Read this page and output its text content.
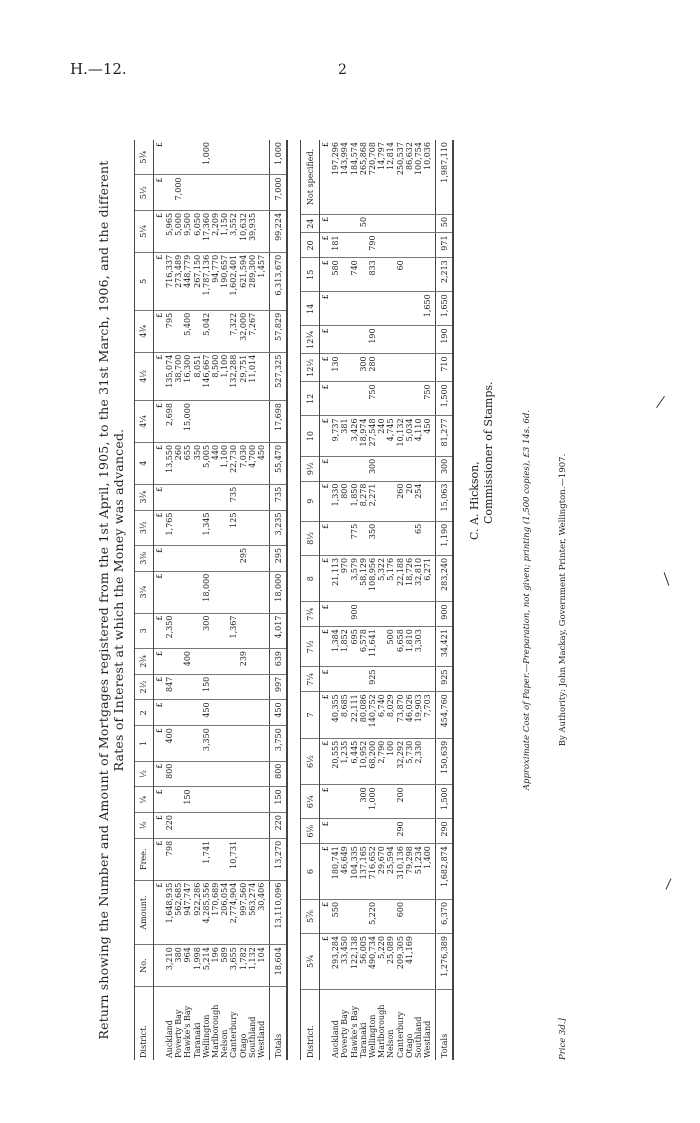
H.—12.	2
Return showing the Number and Amount of Mortgages registered from the 1st April, 1905, to the 31st March, 1906, and the different Rates of Interest at which the Money was advanced.
District.	No.	Amount.	Free.	⅛	¼	½	1	2	2½	2¾	3	3¼	3⅜	3½	3¾	4	4¼	4½	4¾	5	5¼	5½	5¾
		£	£	£	£	£	£	£	£	£	£	£	£	£	£	£	£	£	£	£	£	£	£
Auckland	3,210	1,648,935	798	220		800	400		847		2,350			1,765		13,550	2,698	135,074	795	716,337	5,965		
Poverty Bay	380	562,685														260		38,700		273,489	5,000	7,000	
Hawke's Bay	964	947,747			150					400						655	15,000	16,300	5,400	448,779	9,500		
Taranaki	1,998	922,286														350		8,051		267,150	6,050		
Wellington	5,214	4,285,556	1,741				3,350	450	150		300	18,000		1,345		5,005		146,667	5,042	1,787,136	17,360		1,000
Marlborough	196	170,689														440		8,500		94,770	2,209		
Nelson	589	206,054														1,100		1,100		190,657	1,150		
Canterbury	3,655	2,774,904	10,731								1,367			125	735	22,730		132,288	7,322	1,602,401	3,552		
Otago	1,782	997,560								239			295			7,030		29,751	32,000	621,594	10,632		
Southland	1,132	563,274														4,700		11,014	7,267	289,300	39,935		
Westland	104	30,406														450				1,457			
Totals	18,604	13,110,096	13,270	220	150	800	3,750	450	997	639	4,017	18,000	295	3,235	735	55,470	17,698	527,325	57,829	6,313,670	99,224	7,000	1,000
District.	5¾	5⅞	6	6⅛	6¼	6½	7	7¼	7½	7¾	8	8½	9	9½	10	12	12½	12¾	14	15	20	24	Not specified.
	£	£	£	£	£	£	£	£	£	£	£	£	£	£	£	£	£	£	£	£	£	£	£
Auckland	293,284	550	180,741			20,555	40,355		1,384		21,113		1,330		9,737		130			580	181		197,296
Poverty Bay	33,450		46,649			1,235	8,685		1,852		970		800		381								143,994
Hawke's Bay	122,138		104,335			6,445	22,111		695	900	3,579	775	1,850		3,426					740			184,574
Taranaki	56,005		137,165		300	10,952	80,086		6,578		58,129		8,278		18,974		300					50	265,868
Wellington	490,734	5,220	716,652		1,000	68,200	140,752	925	11,641		108,956	350	2,271	300	27,548	750	280	190		833	790		720,708
Marlborough	5,220		29,670			2,790	6,740				5,322				240								14,797
Nelson	25,089		25,594			100	8,029		500		5,176				4,745								12,814
Canterbury	209,305	600	310,136	290	200	32,292	73,870		6,658		22,188		260		10,132					60			250,537
Otago	41,169		79,298			5,730	46,026		1,810		18,726		20		5,034								86,632
Southland			51,234			2,330	19,903		3,303		32,810	65	254		4,110								100,754
Westland			1,400				7,703				6,271				450	750			1,650				10,036
Totals	1,276,389	6,370	1,682,874	290	1,500	150,639	454,760	925	34,421	900	283,240	1,190	15,063	300	81,277	1,500	710	190	1,650	2,213	971	50	1,987,110
C. A. Hickson, Commissioner of Stamps.	Approximate Cost of Paper.—Preparation, not given; printing (1,500 copies), £3 14s. 6d.	By Authority: John Mackay, Government Printer, Wellington.—1907.
Price 3d.]
